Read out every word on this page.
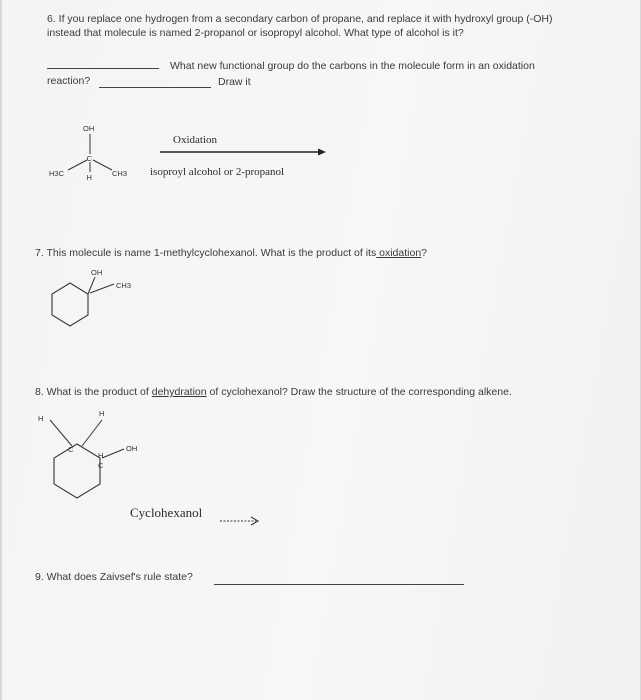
6. If you replace one hydrogen from a secondary carbon of propane, and replace it with hydroxyl group (-OH)
instead that molecule is named 2-propanol or isopropyl alcohol. What type of alcohol is it?
What new functional group do the carbons in the molecule form in an oxidation
reaction?	Draw it
Oxidation
isoproyl alcohol or 2-propanol
OH
C
H3C	H	CH3
7. This molecule is name 1-methylcyclohexanol. What is the product of its oxidation?
OH
CH3
8. What is the product of dehydration of cyclohexanol? Draw the structure of the corresponding alkene.
H
H
C
H
C
OH
Cyclohexanol
9. What does Zaivsef's rule state?
